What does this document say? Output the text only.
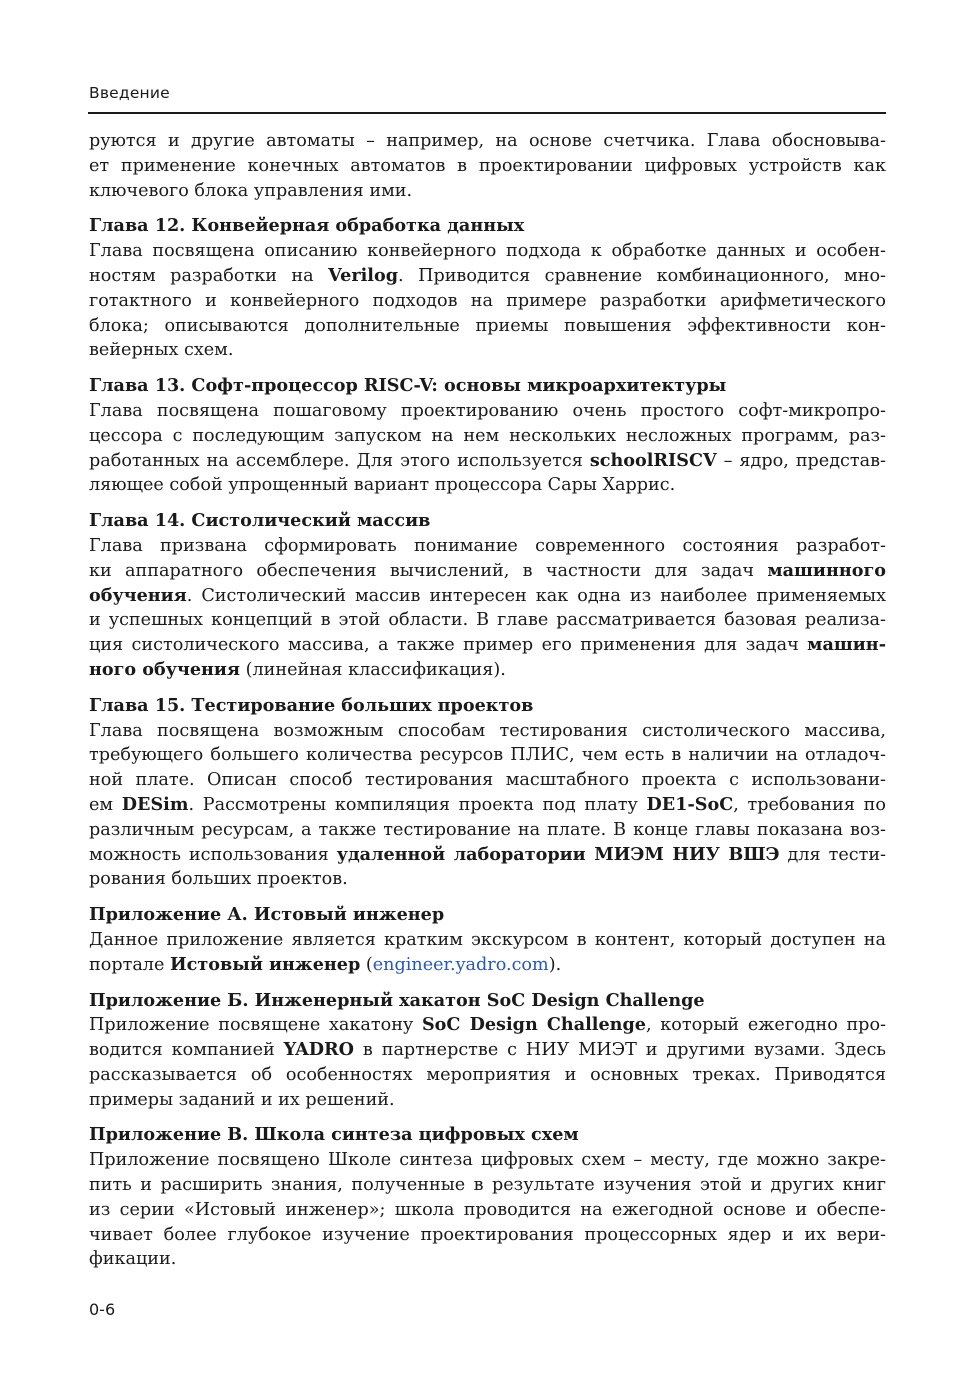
Введение
руются и другие автоматы – например, на основе счетчика. Глава обосновыва-
ет применение конечных автоматов в проектировании цифровых устройств как
ключевого блока управления ими.
Глава 12. Конвейерная обработка данных
Глава посвящена описанию конвейерного подхода к обработке данных и особен-
ностям разработки на Verilog. Приводится сравнение комбинационного, мно-
готактного и конвейерного подходов на примере разработки арифметического
блока; описываются дополнительные приемы повышения эффективности кон-
вейерных схем.
Глава 13. Софт-процессор RISC-V: основы микроархитектуры
Глава посвящена пошаговому проектированию очень простого софт-микропро-
цессора с последующим запуском на нем нескольких несложных программ, раз-
работанных на ассемблере. Для этого используется schoolRISCV – ядро, представ-
ляющее собой упрощенный вариант процессора Сары Харрис.
Глава 14. Систолический массив
Глава призвана сформировать понимание современного состояния разработ-
ки аппаратного обеспечения вычислений, в частности для задач машинного
обучения. Систолический массив интересен как одна из наиболее применяемых
и успешных концепций в этой области. В главе рассматривается базовая реализа-
ция систолического массива, а также пример его применения для задач машин-
ного обучения (линейная классификация).
Глава 15. Тестирование больших проектов
Глава посвящена возможным способам тестирования систолического массива,
требующего большего количества ресурсов ПЛИС, чем есть в наличии на отладоч-
ной плате. Описан способ тестирования масштабного проекта с использовани-
ем DESim. Рассмотрены компиляция проекта под плату DE1-SoC, требования по
различным ресурсам, а также тестирование на плате. В конце главы показана воз-
можность использования удаленной лаборатории МИЭМ НИУ ВШЭ для тести-
рования больших проектов.
Приложение А. Истовый инженер
Данное приложение является кратким экскурсом в контент, который доступен на
портале Истовый инженер (engineer.yadro.com).
Приложение Б. Инженерный хакатон SoC Design Challenge
Приложение посвящене хакатону SoC Design Challenge, который ежегодно про-
водится компанией YADRO в партнерстве с НИУ МИЭТ и другими вузами. Здесь
рассказывается об особенностях мероприятия и основных треках. Приводятся
примеры заданий и их решений.
Приложение В. Школа синтеза цифровых схем
Приложение посвящено Школе синтеза цифровых схем – месту, где можно закре-
пить и расширить знания, полученные в результате изучения этой и других книг
из серии «Истовый инженер»; школа проводится на ежегодной основе и обеспе-
чивает более глубокое изучение проектирования процессорных ядер и их вери-
фикации.
0-6
